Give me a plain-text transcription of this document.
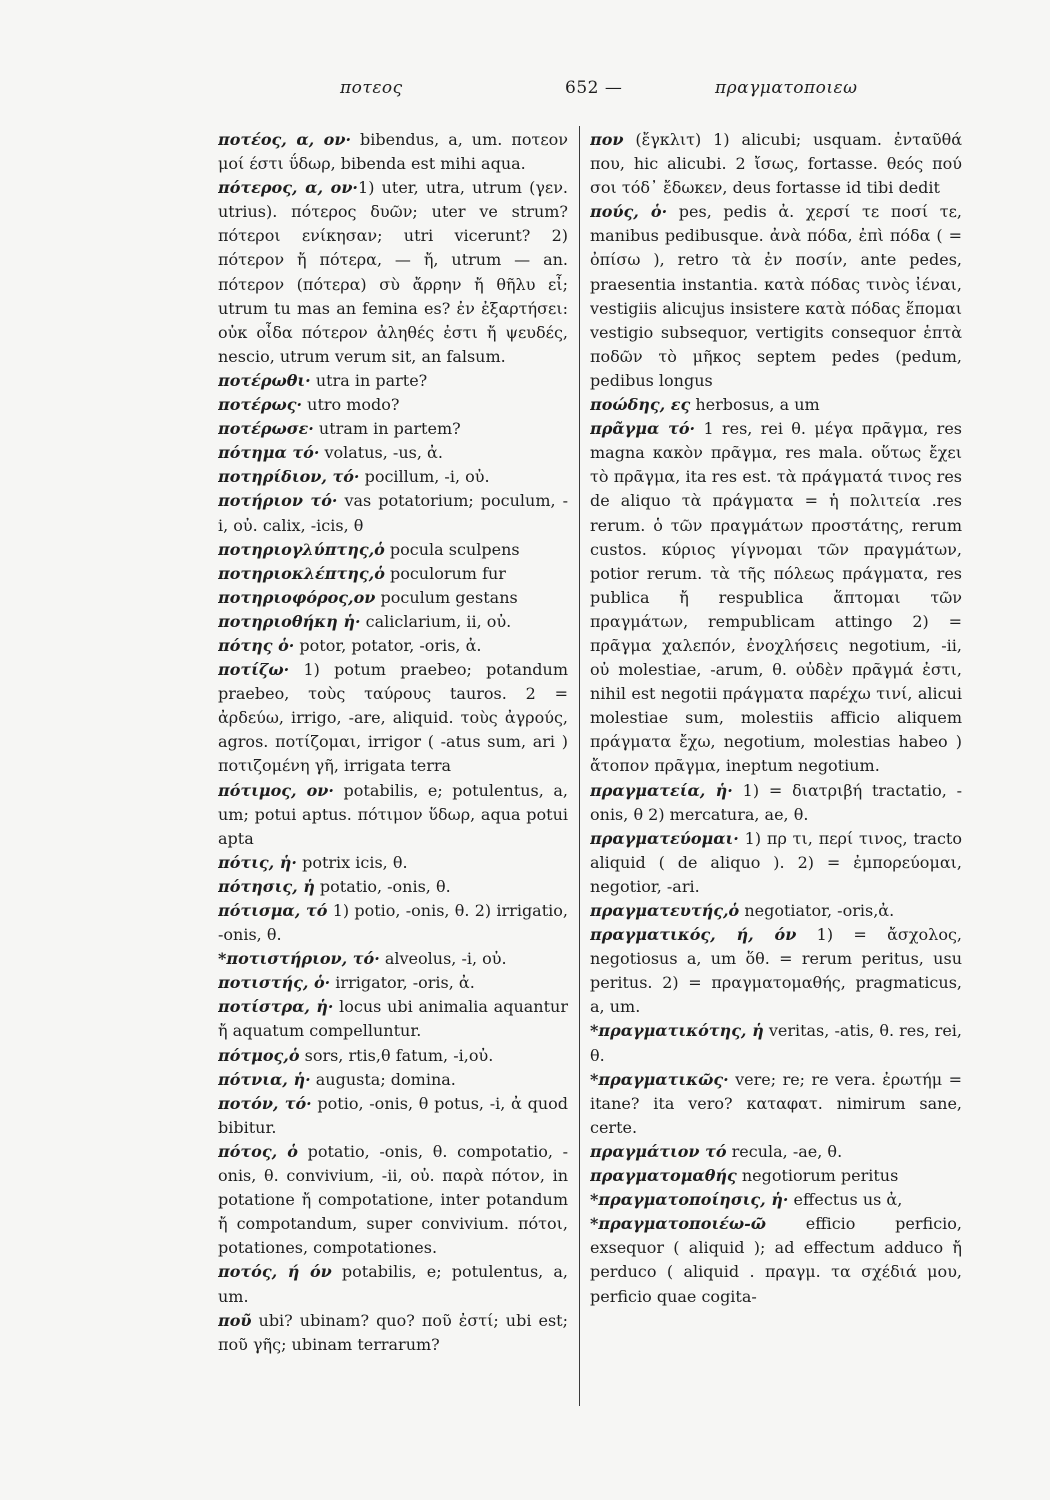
ποτεος	652 —	πραγματοποιεω

ποτέος, α, ον· bibendus, a, um. ποτεον μοί έστι ΰδωρ, bibenda est mihi aqua.

πότερος, α, ον·1) uter, utra, utrum (γεν. utrius). πότερος δυῶν; uter ve strum? πότεροι ενίκησαν; utri vicerunt? 2) πότερον ἤ πότερα, — ἤ, utrum — an. πότερον (πότερα) σὺ ἄρρην ἤ θῆλυ εἶ; utrum tu mas an femina es? ἐν ἐξαρτήσει: οὐκ οἶδα πότερον ἀληθές ἐστι ἤ ψευδές, nescio, utrum verum sit, an falsum.

ποτέρωθι· utra in parte?

ποτέρως· utro modo?

ποτέρωσε· utram in partem?

πότημα τό· volatus, -us, ἀ.

ποτηρίδιον, τό· pocillum, -i, οὐ.

ποτήριον τό· vas potatorium; poculum, -i, οὐ. calix, -icis, θ

ποτηριογλύπτης,ὁ pocula sculpens

ποτηριοκλέπτης,ὁ poculorum fur

ποτηριοφόρος,ον poculum gestans

ποτηριοθήκη ἡ· caliclarium, ii, οὐ.

πότης ὁ· potor, potator, -oris, ἀ.

ποτίζω· 1) potum praebeo; potandum praebeo, τοὺς ταύρους tauros. 2 = ἀρδεύω, irrigo, -are, aliquid. τοὺς ἀγρούς, agros. ποτίζομαι, irrigor ( -atus sum, ari ) ποτιζομένη γῆ, irrigata terra

πότιμος, ον· potabilis, e; potulentus, a, um; potui aptus. πότιμον ὕδωρ, aqua potui apta

πότις, ἡ· potrix icis, θ.

πότησις, ἡ potatio, -onis, θ.

πότισμα, τό 1) potio, -onis, θ. 2) irrigatio, -onis, θ.

*ποτιστήριον, τό· alveolus, -i, οὐ.

ποτιστής, ὁ· irrigator, -oris, ἀ.

ποτίστρα, ἡ· locus ubi animalia aquantur ἤ aquatum compelluntur.

πότμος,ὁ sors, rtis,θ fatum, -i,οὐ.

πότνια, ἡ· augusta; domina.

ποτόν, τό· potio, -onis, θ potus, -i, ἀ quod bibitur.

πότος, ὁ potatio, -onis, θ. compotatio, -onis, θ. convivium, -ii, οὐ. παρὰ πότον, in potatione ἤ compotatione, inter potandum ἤ compotandum, super convivium. πότοι, potationes, compotationes.

ποτός, ή όν potabilis, e; potulentus, a, um.

ποῦ ubi? ubinam? quo? ποῦ ἐστί; ubi est; ποῦ γῆς; ubinam terrarum?

πον (ἔγκλιτ) 1) alicubi; usquam. ἐνταῦθά που, hic alicubi. 2 ἴσως, fortasse. θεός πού σοι τόδ᾽ ἔδωκεν, deus fortasse id tibi dedit

πούς, ὁ· pes, pedis ἀ. χερσί τε ποσί τε, manibus pedibusque. ἀνὰ πόδα, ἐπὶ πόδα ( = ὀπίσω ), retro τὰ ἐν ποσίν, ante pedes, praesentia instantia. κατὰ πόδας τινὸς ἰέναι, vestigiis alicujus insistere κατὰ πόδας ἕπομαι vestigio subsequor, vertigits consequor ἑπτὰ ποδῶν τὸ μῆκος septem pedes (pedum, pedibus longus

ποώδης, ες herbosus, a um

πρᾶγμα τό· 1 res, rei θ. μέγα πρᾶγμα, res magna κακὸν πρᾶγμα, res mala. οὕτως ἔχει τὸ πρᾶγμα, ita res est. τὰ πράγματά τινος res de aliquo τὰ πράγματα = ἡ πολιτεία .res rerum. ὁ τῶν πραγμάτων προστάτης, rerum custos. κύριος γίγνομαι τῶν πραγμάτων, potior rerum. τὰ τῆς πόλεως πράγματα, res publica ἤ respublica ἅπτομαι τῶν πραγμάτων, rempublicam attingo 2) = πρᾶγμα χαλεπόν, ἐνοχλήσεις negotium, -ii, οὐ molestiae, -arum, θ. οὐδὲν πρᾶγμά ἐστι, nihil est negotii πράγματα παρέχω τινί, alicui molestiae sum, molestiis afficio aliquem πράγματα ἔχω, negotium, molestias habeo ) ἄτοπον πρᾶγμα, ineptum negotium.

πραγματεία, ἡ· 1) = διατριβή tractatio, -onis, θ 2) mercatura, ae, θ.

πραγματεύομαι· 1) πρ τι, περί τινος, tracto aliquid ( de aliquo ). 2) = ἐμπορεύομαι, negotior, -ari.

πραγματευτής,ὁ negotiator, -oris,ἀ.

πραγματικός, ή, όν 1) = ἄσχολος, negotiosus a, um ὅθ. = rerum peritus, usu peritus. 2) = πραγματομαθής, pragmaticus, a, um.

*πραγματικότης, ἡ veritas, -atis, θ. res, rei, θ.

*πραγματικῶς· vere; re; re vera. ἐρωτήμ = itane? ita vero? καταφατ. nimirum sane, certe.

πραγμάτιον τό recula, -ae, θ.

πραγματομαθής negotiorum peritus

*πραγματοποίησις, ἡ· effectus us ἀ,

*πραγματοποιέω-ῶ efficio perficio, exsequor ( aliquid ); ad effectum adduco ἤ perduco ( aliquid . πραγμ. τα σχέδιά μου, perficio quae cogita-
